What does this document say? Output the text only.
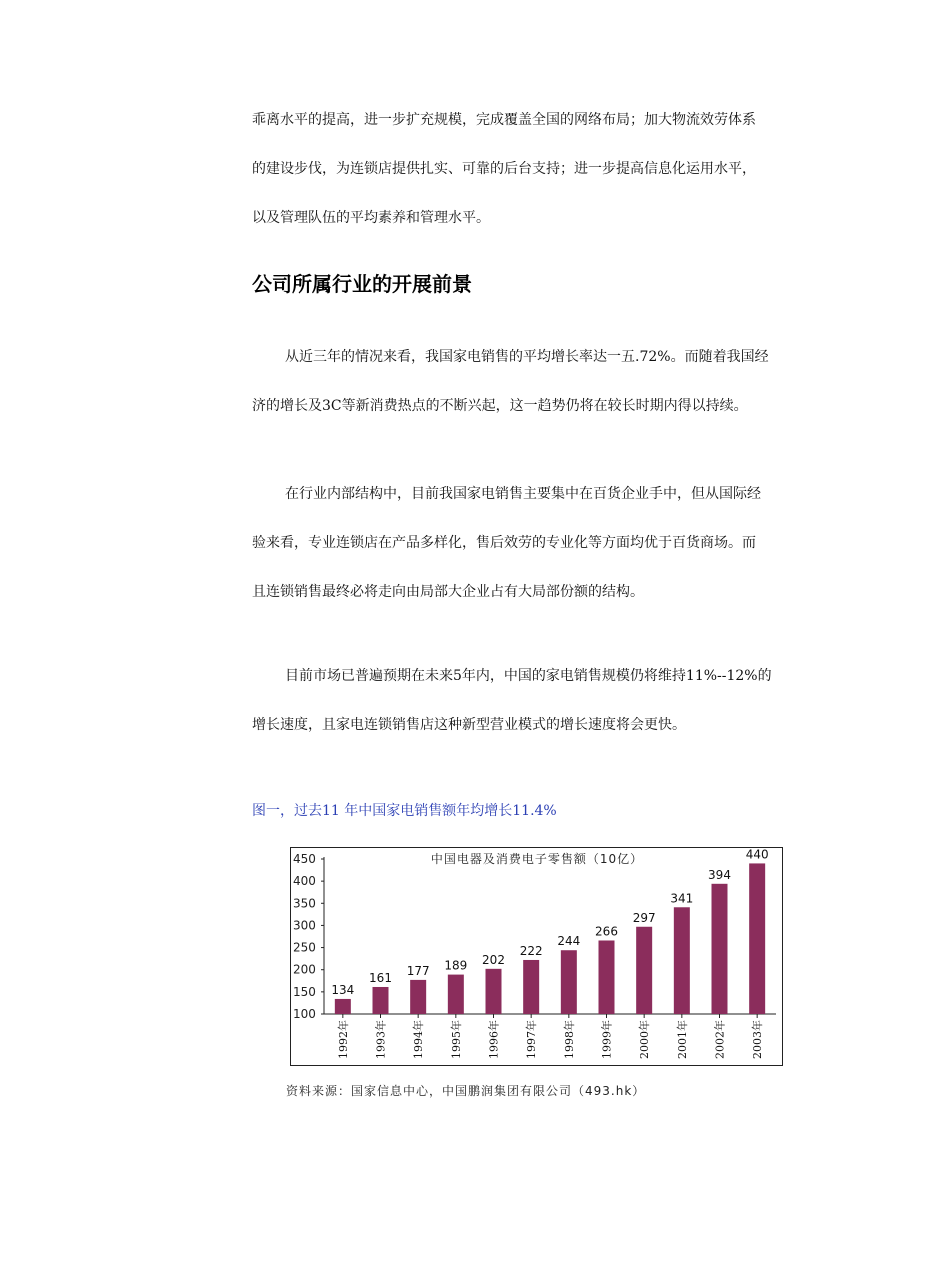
乖离水平的提高，进一步扩充规模，完成覆盖全国的网络布局；加大物流效劳体系
的建设步伐，为连锁店提供扎实、可靠的后台支持；进一步提高信息化运用水平，
以及管理队伍的平均素养和管理水平。
公司所属行业的开展前景
从近三年的情况来看，我国家电销售的平均增长率达一五.72%。而随着我国经
济的增长及3C等新消费热点的不断兴起，这一趋势仍将在较长时期内得以持续。
在行业内部结构中，目前我国家电销售主要集中在百货企业手中，但从国际经
验来看，专业连锁店在产品多样化，售后效劳的专业化等方面均优于百货商场。而
且连锁销售最终必将走向由局部大企业占有大局部份额的结构。
目前市场已普遍预期在未来5年内，中国的家电销售规模仍将维持11%--12%的
增长速度，且家电连锁销售店这种新型营业模式的增长速度将会更快。

图一，过去11 年中国家电销售额年均增长11.4%

中国电器及消费电子零售额（10亿）
450
400
350
300
250
200
150
100
134
1992年
161
1993年
177
1994年
189
1995年
202
1996年
222
1997年
244
1998年
266
1999年
297
2000年
341
2001年
394
2002年
440
2003年

资料来源：国家信息中心，中国鹏润集团有限公司（493.hk）
